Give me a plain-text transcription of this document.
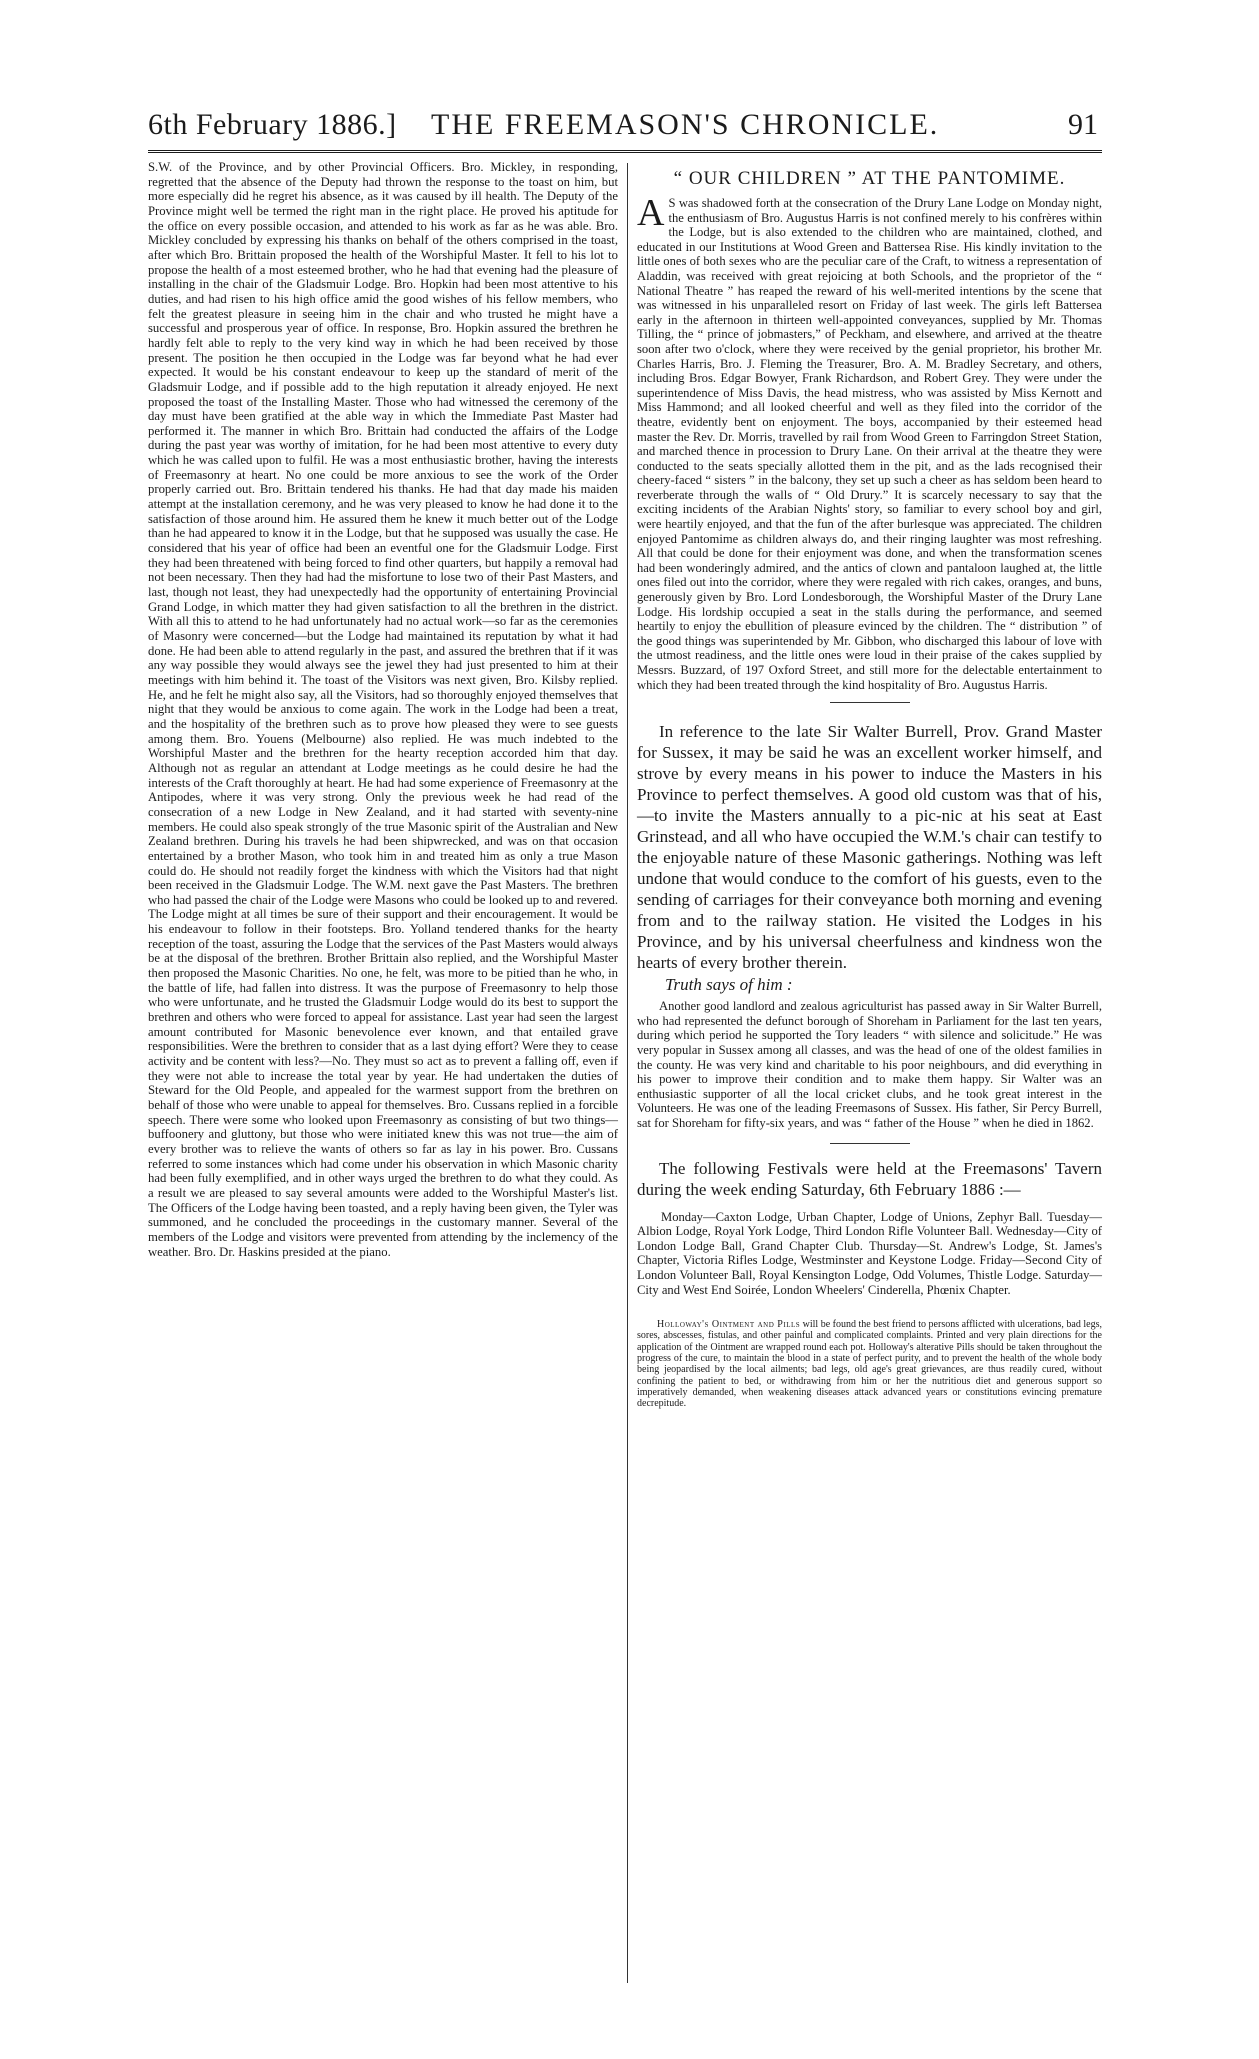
6th February 1886.] THE FREEMASON'S CHRONICLE.	91

S.W. of the Province, and by other Provincial Officers. Bro. Mickley, in responding, regretted that the absence of the Deputy had thrown the response to the toast on him, but more especially did he regret his absence, as it was caused by ill health. The Deputy of the Province might well be termed the right man in the right place. He proved his aptitude for the office on every possible occasion, and attended to his work as far as he was able. Bro. Mickley concluded by expressing his thanks on behalf of the others comprised in the toast, after which Bro. Brittain proposed the health of the Worshipful Master. It fell to his lot to propose the health of a most esteemed brother, who he had that evening had the pleasure of installing in the chair of the Gladsmuir Lodge. Bro. Hopkin had been most attentive to his duties, and had risen to his high office amid the good wishes of his fellow members, who felt the greatest pleasure in seeing him in the chair and who trusted he might have a successful and prosperous year of office. In response, Bro. Hopkin assured the brethren he hardly felt able to reply to the very kind way in which he had been received by those present. The position he then occupied in the Lodge was far beyond what he had ever expected. It would be his constant endeavour to keep up the standard of merit of the Gladsmuir Lodge, and if possible add to the high reputation it already enjoyed. He next proposed the toast of the Installing Master. Those who had witnessed the ceremony of the day must have been gratified at the able way in which the Immediate Past Master had performed it. The manner in which Bro. Brittain had conducted the affairs of the Lodge during the past year was worthy of imitation, for he had been most attentive to every duty which he was called upon to fulfil. He was a most enthusiastic brother, having the interests of Freemasonry at heart. No one could be more anxious to see the work of the Order properly carried out. Bro. Brittain tendered his thanks. He had that day made his maiden attempt at the installation ceremony, and he was very pleased to know he had done it to the satisfaction of those around him. He assured them he knew it much better out of the Lodge than he had appeared to know it in the Lodge, but that he supposed was usually the case. He considered that his year of office had been an eventful one for the Gladsmuir Lodge. First they had been threatened with being forced to find other quarters, but happily a removal had not been necessary. Then they had had the misfortune to lose two of their Past Masters, and last, though not least, they had unexpectedly had the opportunity of entertaining Provincial Grand Lodge, in which matter they had given satisfaction to all the brethren in the district. With all this to attend to he had unfortunately had no actual work—so far as the ceremonies of Masonry were concerned—but the Lodge had maintained its reputation by what it had done. He had been able to attend regularly in the past, and assured the brethren that if it was any way possible they would always see the jewel they had just presented to him at their meetings with him behind it. The toast of the Visitors was next given, Bro. Kilsby replied. He, and he felt he might also say, all the Visitors, had so thoroughly enjoyed themselves that night that they would be anxious to come again. The work in the Lodge had been a treat, and the hospitality of the brethren such as to prove how pleased they were to see guests among them. Bro. Youens (Melbourne) also replied. He was much indebted to the Worshipful Master and the brethren for the hearty reception accorded him that day. Although not as regular an attendant at Lodge meetings as he could desire he had the interests of the Craft thoroughly at heart. He had had some experience of Freemasonry at the Antipodes, where it was very strong. Only the previous week he had read of the consecration of a new Lodge in New Zealand, and it had started with seventy-nine members. He could also speak strongly of the true Masonic spirit of the Australian and New Zealand brethren. During his travels he had been shipwrecked, and was on that occasion entertained by a brother Mason, who took him in and treated him as only a true Mason could do. He should not readily forget the kindness with which the Visitors had that night been received in the Gladsmuir Lodge. The W.M. next gave the Past Masters. The brethren who had passed the chair of the Lodge were Masons who could be looked up to and revered. The Lodge might at all times be sure of their support and their encouragement. It would be his endeavour to follow in their footsteps. Bro. Yolland tendered thanks for the hearty reception of the toast, assuring the Lodge that the services of the Past Masters would always be at the disposal of the brethren. Brother Brittain also replied, and the Worshipful Master then proposed the Masonic Charities. No one, he felt, was more to be pitied than he who, in the battle of life, had fallen into distress. It was the purpose of Freemasonry to help those who were unfortunate, and he trusted the Gladsmuir Lodge would do its best to support the brethren and others who were forced to appeal for assistance. Last year had seen the largest amount contributed for Masonic benevolence ever known, and that entailed grave responsibilities. Were the brethren to consider that as a last dying effort? Were they to cease activity and be content with less?—No. They must so act as to prevent a falling off, even if they were not able to increase the total year by year. He had undertaken the duties of Steward for the Old People, and appealed for the warmest support from the brethren on behalf of those who were unable to appeal for themselves. Bro. Cussans replied in a forcible speech. There were some who looked upon Freemasonry as consisting of but two things—buffoonery and gluttony, but those who were initiated knew this was not true—the aim of every brother was to relieve the wants of others so far as lay in his power. Bro. Cussans referred to some instances which had come under his observation in which Masonic charity had been fully exemplified, and in other ways urged the brethren to do what they could. As a result we are pleased to say several amounts were added to the Worshipful Master's list. The Officers of the Lodge having been toasted, and a reply having been given, the Tyler was summoned, and he concluded the proceedings in the customary manner. Several of the members of the Lodge and visitors were prevented from attending by the inclemency of the weather. Bro. Dr. Haskins presided at the piano.

“ OUR CHILDREN ” AT THE PANTOMIME.
A S was shadowed forth at the consecration of the Drury Lane Lodge on Monday night, the enthusiasm of Bro. Augustus Harris is not confined merely to his confrères within the Lodge, but is also extended to the children who are maintained, clothed, and educated in our Institutions at Wood Green and Battersea Rise. His kindly invitation to the little ones of both sexes who are the peculiar care of the Craft, to witness a representation of Aladdin, was received with great rejoicing at both Schools, and the proprietor of the “ National Theatre ” has reaped the reward of his well-merited intentions by the scene that was witnessed in his unparalleled resort on Friday of last week. The girls left Battersea early in the afternoon in thirteen well-appointed conveyances, supplied by Mr. Thomas Tilling, the “ prince of jobmasters,” of Peckham, and elsewhere, and arrived at the theatre soon after two o'clock, where they were received by the genial proprietor, his brother Mr. Charles Harris, Bro. J. Fleming the Treasurer, Bro. A. M. Bradley Secretary, and others, including Bros. Edgar Bowyer, Frank Richardson, and Robert Grey. They were under the superintendence of Miss Davis, the head mistress, who was assisted by Miss Kernott and Miss Hammond; and all looked cheerful and well as they filed into the corridor of the theatre, evidently bent on enjoyment. The boys, accompanied by their esteemed head master the Rev. Dr. Morris, travelled by rail from Wood Green to Farringdon Street Station, and marched thence in procession to Drury Lane. On their arrival at the theatre they were conducted to the seats specially allotted them in the pit, and as the lads recognised their cheery-faced “ sisters ” in the balcony, they set up such a cheer as has seldom been heard to reverberate through the walls of “ Old Drury.” It is scarcely necessary to say that the exciting incidents of the Arabian Nights' story, so familiar to every school boy and girl, were heartily enjoyed, and that the fun of the after burlesque was appreciated. The children enjoyed Pantomime as children always do, and their ringing laughter was most refreshing. All that could be done for their enjoyment was done, and when the transformation scenes had been wonderingly admired, and the antics of clown and pantaloon laughed at, the little ones filed out into the corridor, where they were regaled with rich cakes, oranges, and buns, generously given by Bro. Lord Londesborough, the Worshipful Master of the Drury Lane Lodge. His lordship occupied a seat in the stalls during the performance, and seemed heartily to enjoy the ebullition of pleasure evinced by the children. The “ distribution ” of the good things was superintended by Mr. Gibbon, who discharged this labour of love with the utmost readiness, and the little ones were loud in their praise of the cakes supplied by Messrs. Buzzard, of 197 Oxford Street, and still more for the delectable entertainment to which they had been treated through the kind hospitality of Bro. Augustus Harris.

In reference to the late Sir Walter Burrell, Prov. Grand Master for Sussex, it may be said he was an excellent worker himself, and strove by every means in his power to induce the Masters in his Province to perfect themselves. A good old custom was that of his,—to invite the Masters annually to a pic-nic at his seat at East Grinstead, and all who have occupied the W.M.'s chair can testify to the enjoyable nature of these Masonic gatherings. Nothing was left undone that would conduce to the comfort of his guests, even to the sending of carriages for their conveyance both morning and evening from and to the railway station. He visited the Lodges in his Province, and by his universal cheerfulness and kindness won the hearts of every brother therein.

Truth says of him :

Another good landlord and zealous agriculturist has passed away in Sir Walter Burrell, who had represented the defunct borough of Shoreham in Parliament for the last ten years, during which period he supported the Tory leaders “ with silence and solicitude.” He was very popular in Sussex among all classes, and was the head of one of the oldest families in the county. He was very kind and charitable to his poor neighbours, and did everything in his power to improve their condition and to make them happy. Sir Walter was an enthusiastic supporter of all the local cricket clubs, and he took great interest in the Volunteers. He was one of the leading Freemasons of Sussex. His father, Sir Percy Burrell, sat for Shoreham for fifty-six years, and was “ father of the House ” when he died in 1862.

The following Festivals were held at the Freemasons' Tavern during the week ending Saturday, 6th February 1886 :—

Monday—Caxton Lodge, Urban Chapter, Lodge of Unions, Zephyr Ball. Tuesday—Albion Lodge, Royal York Lodge, Third London Rifle Volunteer Ball. Wednesday—City of London Lodge Ball, Grand Chapter Club. Thursday—St. Andrew's Lodge, St. James's Chapter, Victoria Rifles Lodge, Westminster and Keystone Lodge. Friday—Second City of London Volunteer Ball, Royal Kensington Lodge, Odd Volumes, Thistle Lodge. Saturday—City and West End Soirée, London Wheelers' Cinderella, Phœnix Chapter.

Holloway's Ointment and Pills will be found the best friend to persons afflicted with ulcerations, bad legs, sores, abscesses, fistulas, and other painful and complicated complaints. Printed and very plain directions for the application of the Ointment are wrapped round each pot. Holloway's alterative Pills should be taken throughout the progress of the cure, to maintain the blood in a state of perfect purity, and to prevent the health of the whole body being jeopardised by the local ailments; bad legs, old age's great grievances, are thus readily cured, without confining the patient to bed, or withdrawing from him or her the nutritious diet and generous support so imperatively demanded, when weakening diseases attack advanced years or constitutions evincing premature decrepitude.
